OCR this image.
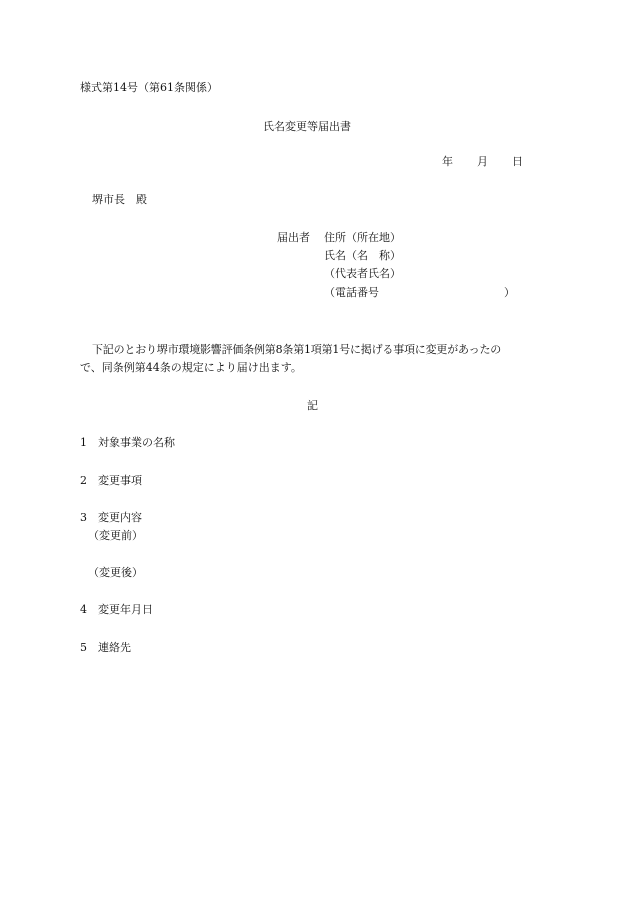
様式第14号（第61条関係）
氏名変更等届出書
年 月 日
堺市長　殿
届出者 住所（所在地）
氏名（名　称）
（代表者氏名）
（電話番号	）
下記のとおり堺市環境影響評価条例第8条第1項第1号に掲げる事項に変更があったの
で、同条例第44条の規定により届け出ます。
記
1　対象事業の名称
2　変更事項
3　変更内容
（変更前）
（変更後）
4　変更年月日
5　連絡先
